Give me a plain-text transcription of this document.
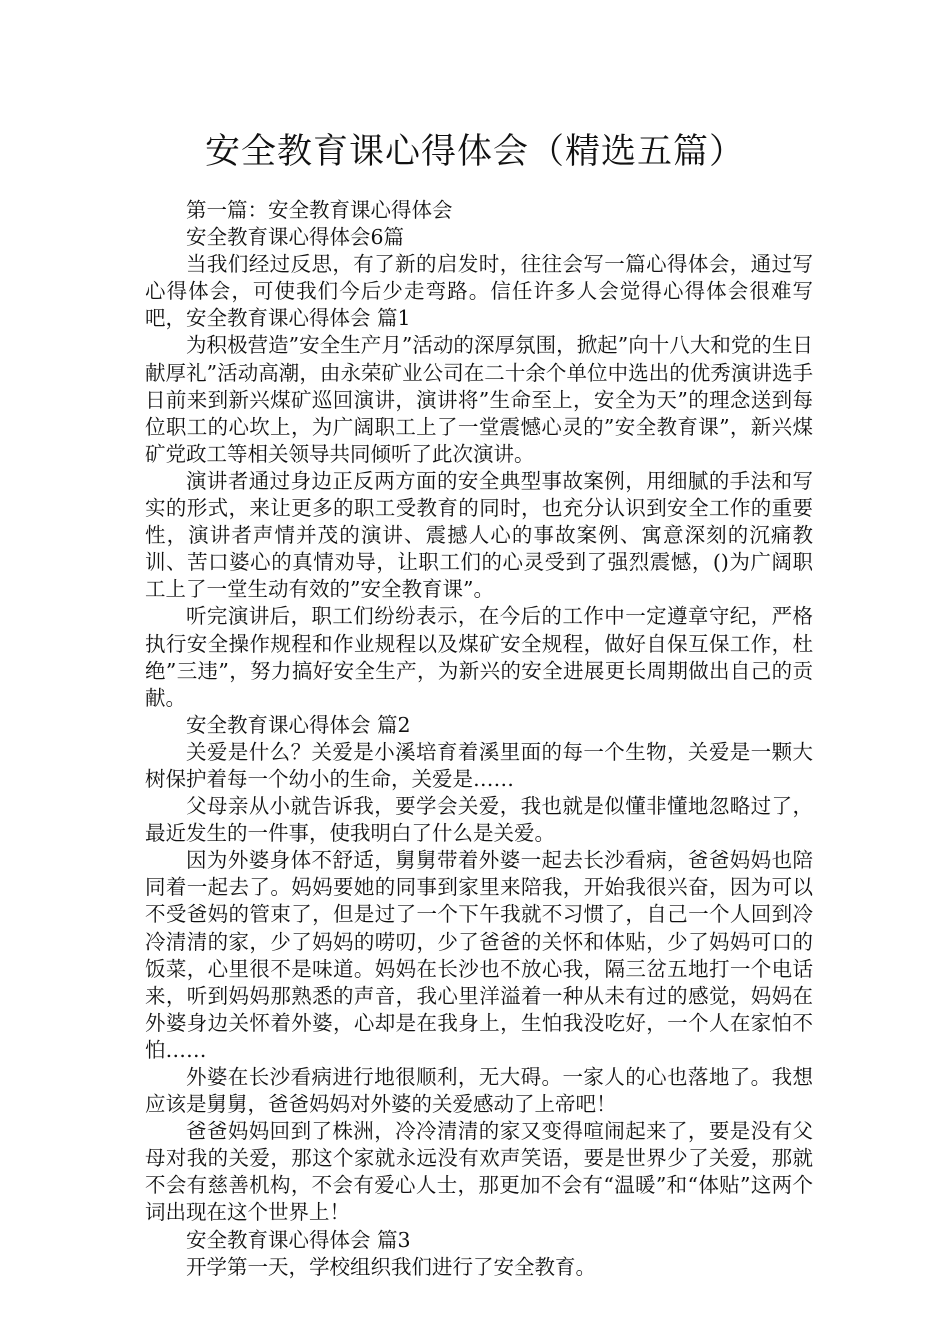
安全教育课心得体会（精选五篇）

第一篇：安全教育课心得体会

安全教育课心得体会6篇

当我们经过反思，有了新的启发时，往往会写一篇心得体会，通过写心得体会，可使我们今后少走弯路。信任许多人会觉得心得体会很难写吧，安全教育课心得体会 篇1

为积极营造”安全生产月”活动的深厚氛围，掀起”向十八大和党的生日献厚礼”活动高潮，由永荣矿业公司在二十余个单位中选出的优秀演讲选手日前来到新兴煤矿巡回演讲，演讲将”生命至上，安全为天”的理念送到每位职工的心坎上，为广阔职工上了一堂震憾心灵的”安全教育课”，新兴煤矿党政工等相关领导共同倾听了此次演讲。

演讲者通过身边正反两方面的安全典型事故案例，用细腻的手法和写实的形式，来让更多的职工受教育的同时，也充分认识到安全工作的重要性，演讲者声情并茂的演讲、震撼人心的事故案例、寓意深刻的沉痛教训、苦口婆心的真情劝导，让职工们的心灵受到了强烈震憾，()为广阔职工上了一堂生动有效的”安全教育课”。

听完演讲后，职工们纷纷表示，在今后的工作中一定遵章守纪，严格执行安全操作规程和作业规程以及煤矿安全规程，做好自保互保工作，杜绝”三违”，努力搞好安全生产，为新兴的安全进展更长周期做出自己的贡献。

安全教育课心得体会 篇2

关爱是什么？关爱是小溪培育着溪里面的每一个生物，关爱是一颗大树保护着每一个幼小的生命，关爱是……

父母亲从小就告诉我，要学会关爱，我也就是似懂非懂地忽略过了，最近发生的一件事，使我明白了什么是关爱。

因为外婆身体不舒适，舅舅带着外婆一起去长沙看病，爸爸妈妈也陪同着一起去了。妈妈要她的同事到家里来陪我，开始我很兴奋，因为可以不受爸妈的管束了，但是过了一个下午我就不习惯了，自己一个人回到冷冷清清的家，少了妈妈的唠叨，少了爸爸的关怀和体贴，少了妈妈可口的饭菜，心里很不是味道。妈妈在长沙也不放心我，隔三岔五地打一个电话来，听到妈妈那熟悉的声音，我心里洋溢着一种从未有过的感觉，妈妈在外婆身边关怀着外婆，心却是在我身上，生怕我没吃好，一个人在家怕不怕……

外婆在长沙看病进行地很顺利，无大碍。一家人的心也落地了。我想应该是舅舅，爸爸妈妈对外婆的关爱感动了上帝吧！

爸爸妈妈回到了株洲，冷冷清清的家又变得喧闹起来了，要是没有父母对我的关爱，那这个家就永远没有欢声笑语，要是世界少了关爱，那就不会有慈善机构，不会有爱心人士，那更加不会有“温暖”和“体贴”这两个词出现在这个世界上！

安全教育课心得体会 篇3

开学第一天，学校组织我们进行了安全教育。
